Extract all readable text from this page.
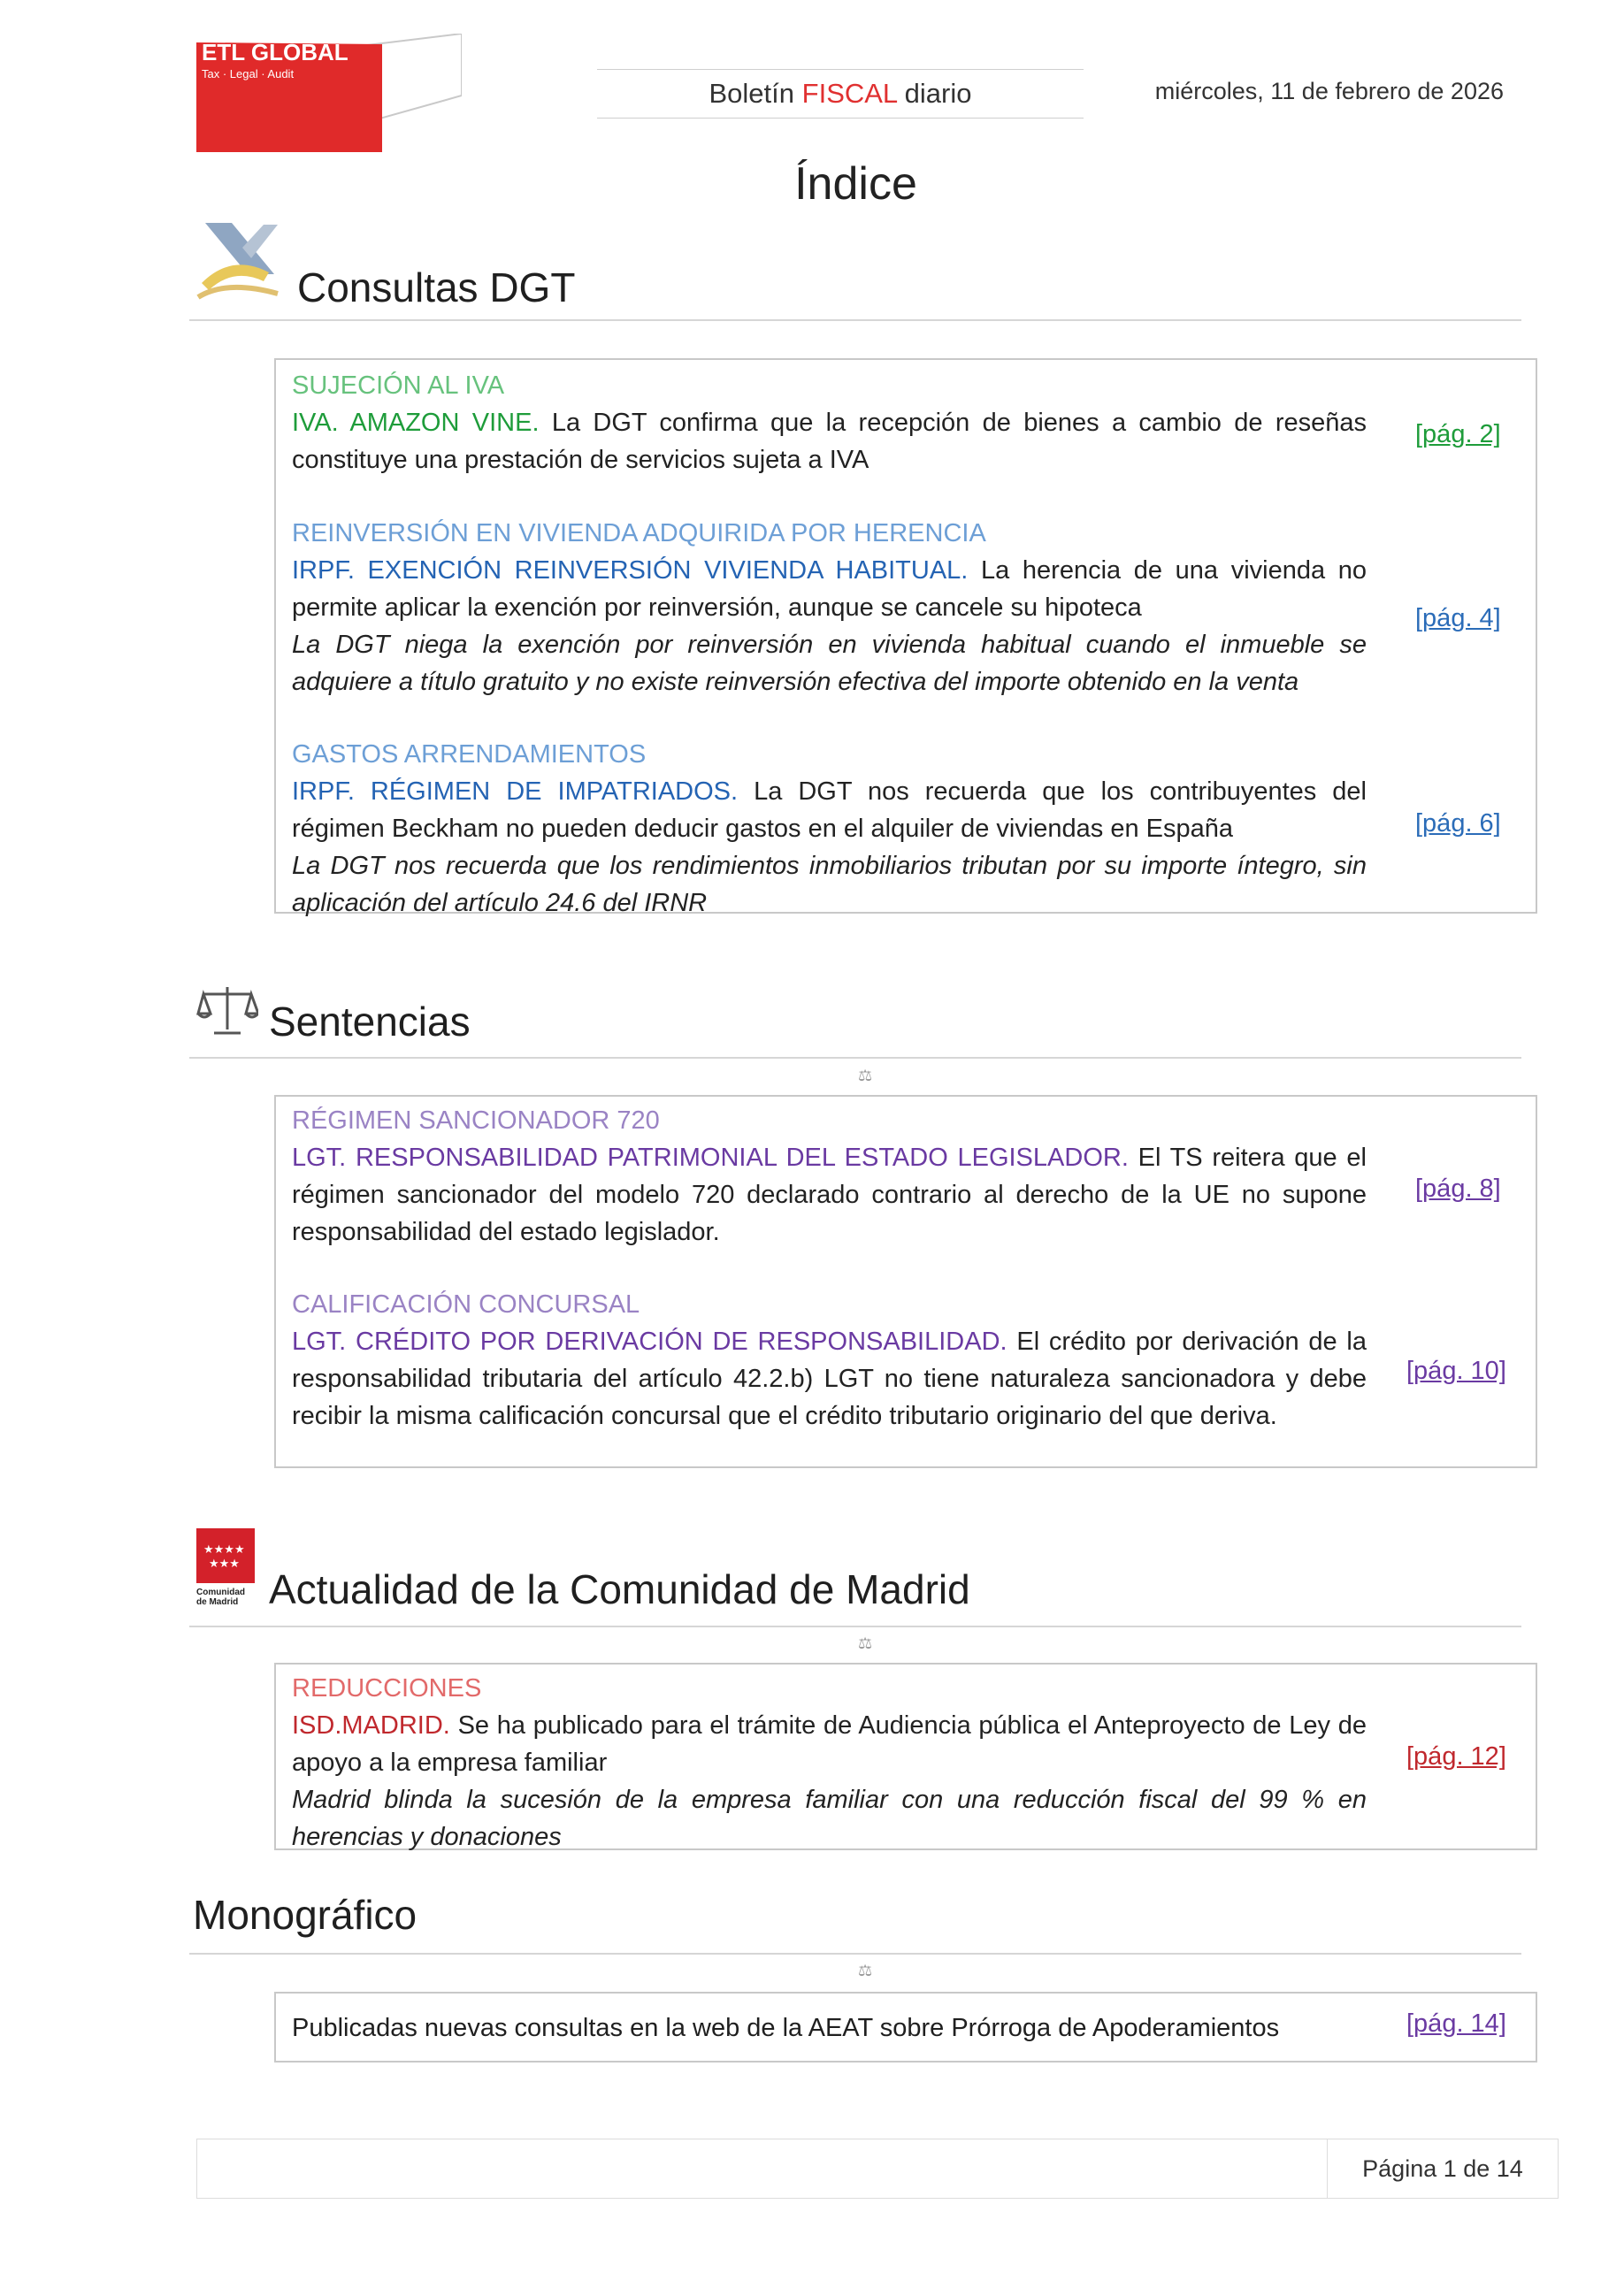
ETL GLOBAL
Tax · Legal · Audit
Boletín FISCAL diario	miércoles, 11 de febrero de 2026
Índice
Consultas DGT
SUJECIÓN AL IVA
IVA. AMAZON VINE. La DGT confirma que la recepción de bienes a cambio de reseñas constituye una prestación de servicios sujeta a IVA
[pág. 2]
REINVERSIÓN EN VIVIENDA ADQUIRIDA POR HERENCIA
IRPF. EXENCIÓN REINVERSIÓN VIVIENDA HABITUAL. La herencia de una vivienda no permite aplicar la exención por reinversión, aunque se cancele su hipoteca
La DGT niega la exención por reinversión en vivienda habitual cuando el inmueble se adquiere a título gratuito y no existe reinversión efectiva del importe obtenido en la venta
[pág. 4]
GASTOS ARRENDAMIENTOS
IRPF. RÉGIMEN DE IMPATRIADOS. La DGT nos recuerda que los contribuyentes del régimen Beckham no pueden deducir gastos en el alquiler de viviendas en España
La DGT nos recuerda que los rendimientos inmobiliarios tributan por su importe íntegro, sin aplicación del artículo 24.6 del IRNR
[pág. 6]
Sentencias
⚖
RÉGIMEN SANCIONADOR 720
LGT. RESPONSABILIDAD PATRIMONIAL DEL ESTADO LEGISLADOR. El TS reitera que el régimen sancionador del modelo 720 declarado contrario al derecho de la UE no supone responsabilidad del estado legislador.
[pág. 8]
CALIFICACIÓN CONCURSAL
LGT. CRÉDITO POR DERIVACIÓN DE RESPONSABILIDAD. El crédito por derivación de la responsabilidad tributaria del artículo 42.2.b) LGT no tiene naturaleza sancionadora y debe recibir la misma calificación concursal que el crédito tributario originario del que deriva.
[pág. 10]
★★★★
★★★
Comunidad
de Madrid Actualidad de la Comunidad de Madrid
⚖
REDUCCIONES
ISD.MADRID. Se ha publicado para el trámite de Audiencia pública el Anteproyecto de Ley de apoyo a la empresa familiar
Madrid blinda la sucesión de la empresa familiar con una reducción fiscal del 99 % en herencias y donaciones
[pág. 12]
Monográfico
⚖
Publicadas nuevas consultas en la web de la AEAT sobre Prórroga de Apoderamientos	[pág. 14]
Página 1 de 14
